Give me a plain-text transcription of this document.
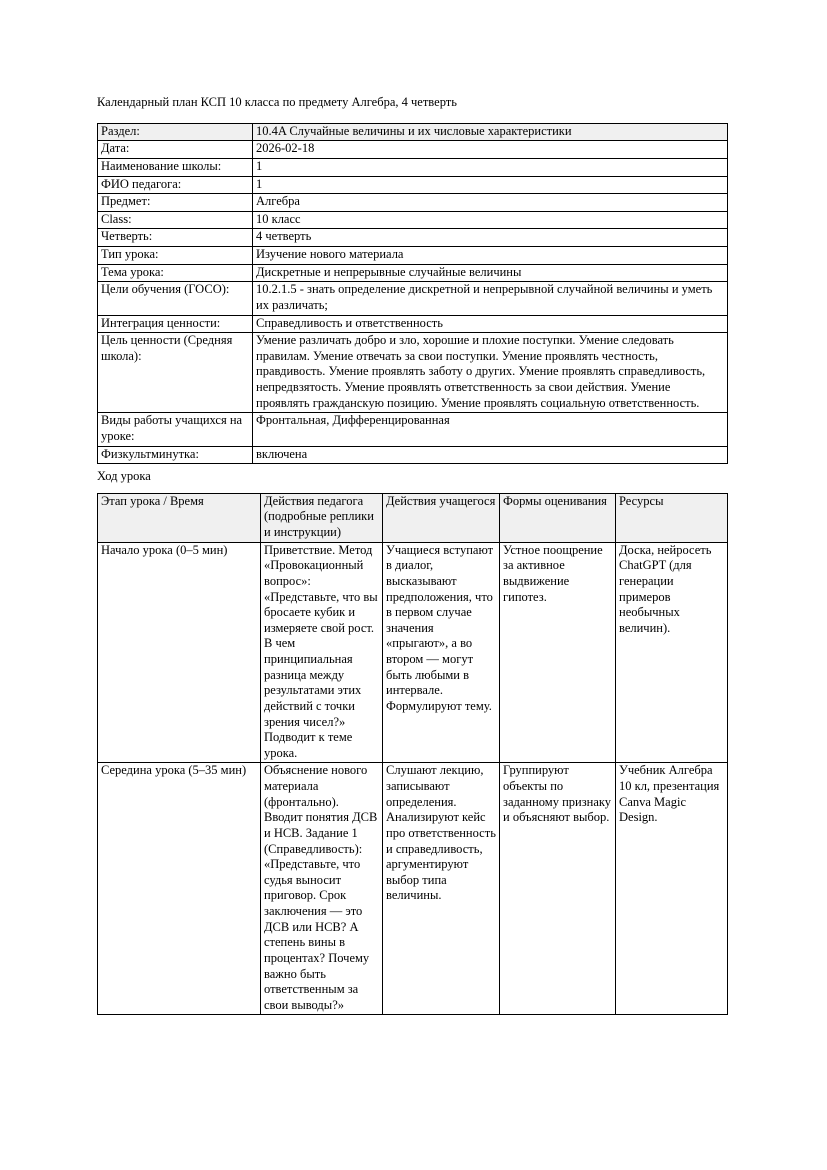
Календарный план КСП 10 класса по предмету Алгебра, 4 четверть

Раздел:	10.4A Случайные величины и их числовые характеристики
Дата:	2026-02-18
Наименование школы:	1
ФИО педагога:	1
Предмет:	Алгебра
Class:	10 класс
Четверть:	4 четверть
Тип урока:	Изучение нового материала
Тема урока:	Дискретные и непрерывные случайные величины
Цели обучения (ГОСО):	10.2.1.5 - знать определение дискретной и непрерывной случайной величины и уметь их различать;
Интеграция ценности:	Справедливость и ответственность
Цель ценности (Средняя школа):	Умение различать добро и зло, хорошие и плохие поступки. Умение следовать правилам. Умение отвечать за свои поступки. Умение проявлять честность, правдивость. Умение проявлять заботу о других. Умение проявлять справедливость, непредвзятость. Умение проявлять ответственность за свои действия. Умение проявлять гражданскую позицию. Умение проявлять социальную ответственность.
Виды работы учащихся на уроке:	Фронтальная, Дифференцированная
Физкультминутка:	включена

Ход урока

Этап урока / Время	Действия педагога (подробные реплики и инструкции)	Действия учащегося	Формы оценивания	Ресурсы
Начало урока (0–5 мин)	Приветствие. Метод «Провокационный вопрос»: «Представьте, что вы бросаете кубик и измеряете свой рост. В чем принципиальная разница между результатами этих действий с точки зрения чисел?» Подводит к теме урока.	Учащиеся вступают в диалог, высказывают предположения, что в первом случае значения «прыгают», а во втором — могут быть любыми в интервале. Формулируют тему.	Устное поощрение за активное выдвижение гипотез.	Доска, нейросеть ChatGPT (для генерации примеров необычных величин).
Середина урока (5–35 мин)	Объяснение нового материала (фронтально). Вводит понятия ДСВ и НСВ. Задание 1 (Справедливость): «Представьте, что судья выносит приговор. Срок заключения — это ДСВ или НСВ? А степень вины в процентах? Почему важно быть ответственным за свои выводы?»	Слушают лекцию, записывают определения. Анализируют кейс про ответственность и справедливость, аргументируют выбор типа величины.	Группируют объекты по заданному признаку и объясняют выбор.	Учебник Алгебра 10 кл, презентация Canva Magic Design.
